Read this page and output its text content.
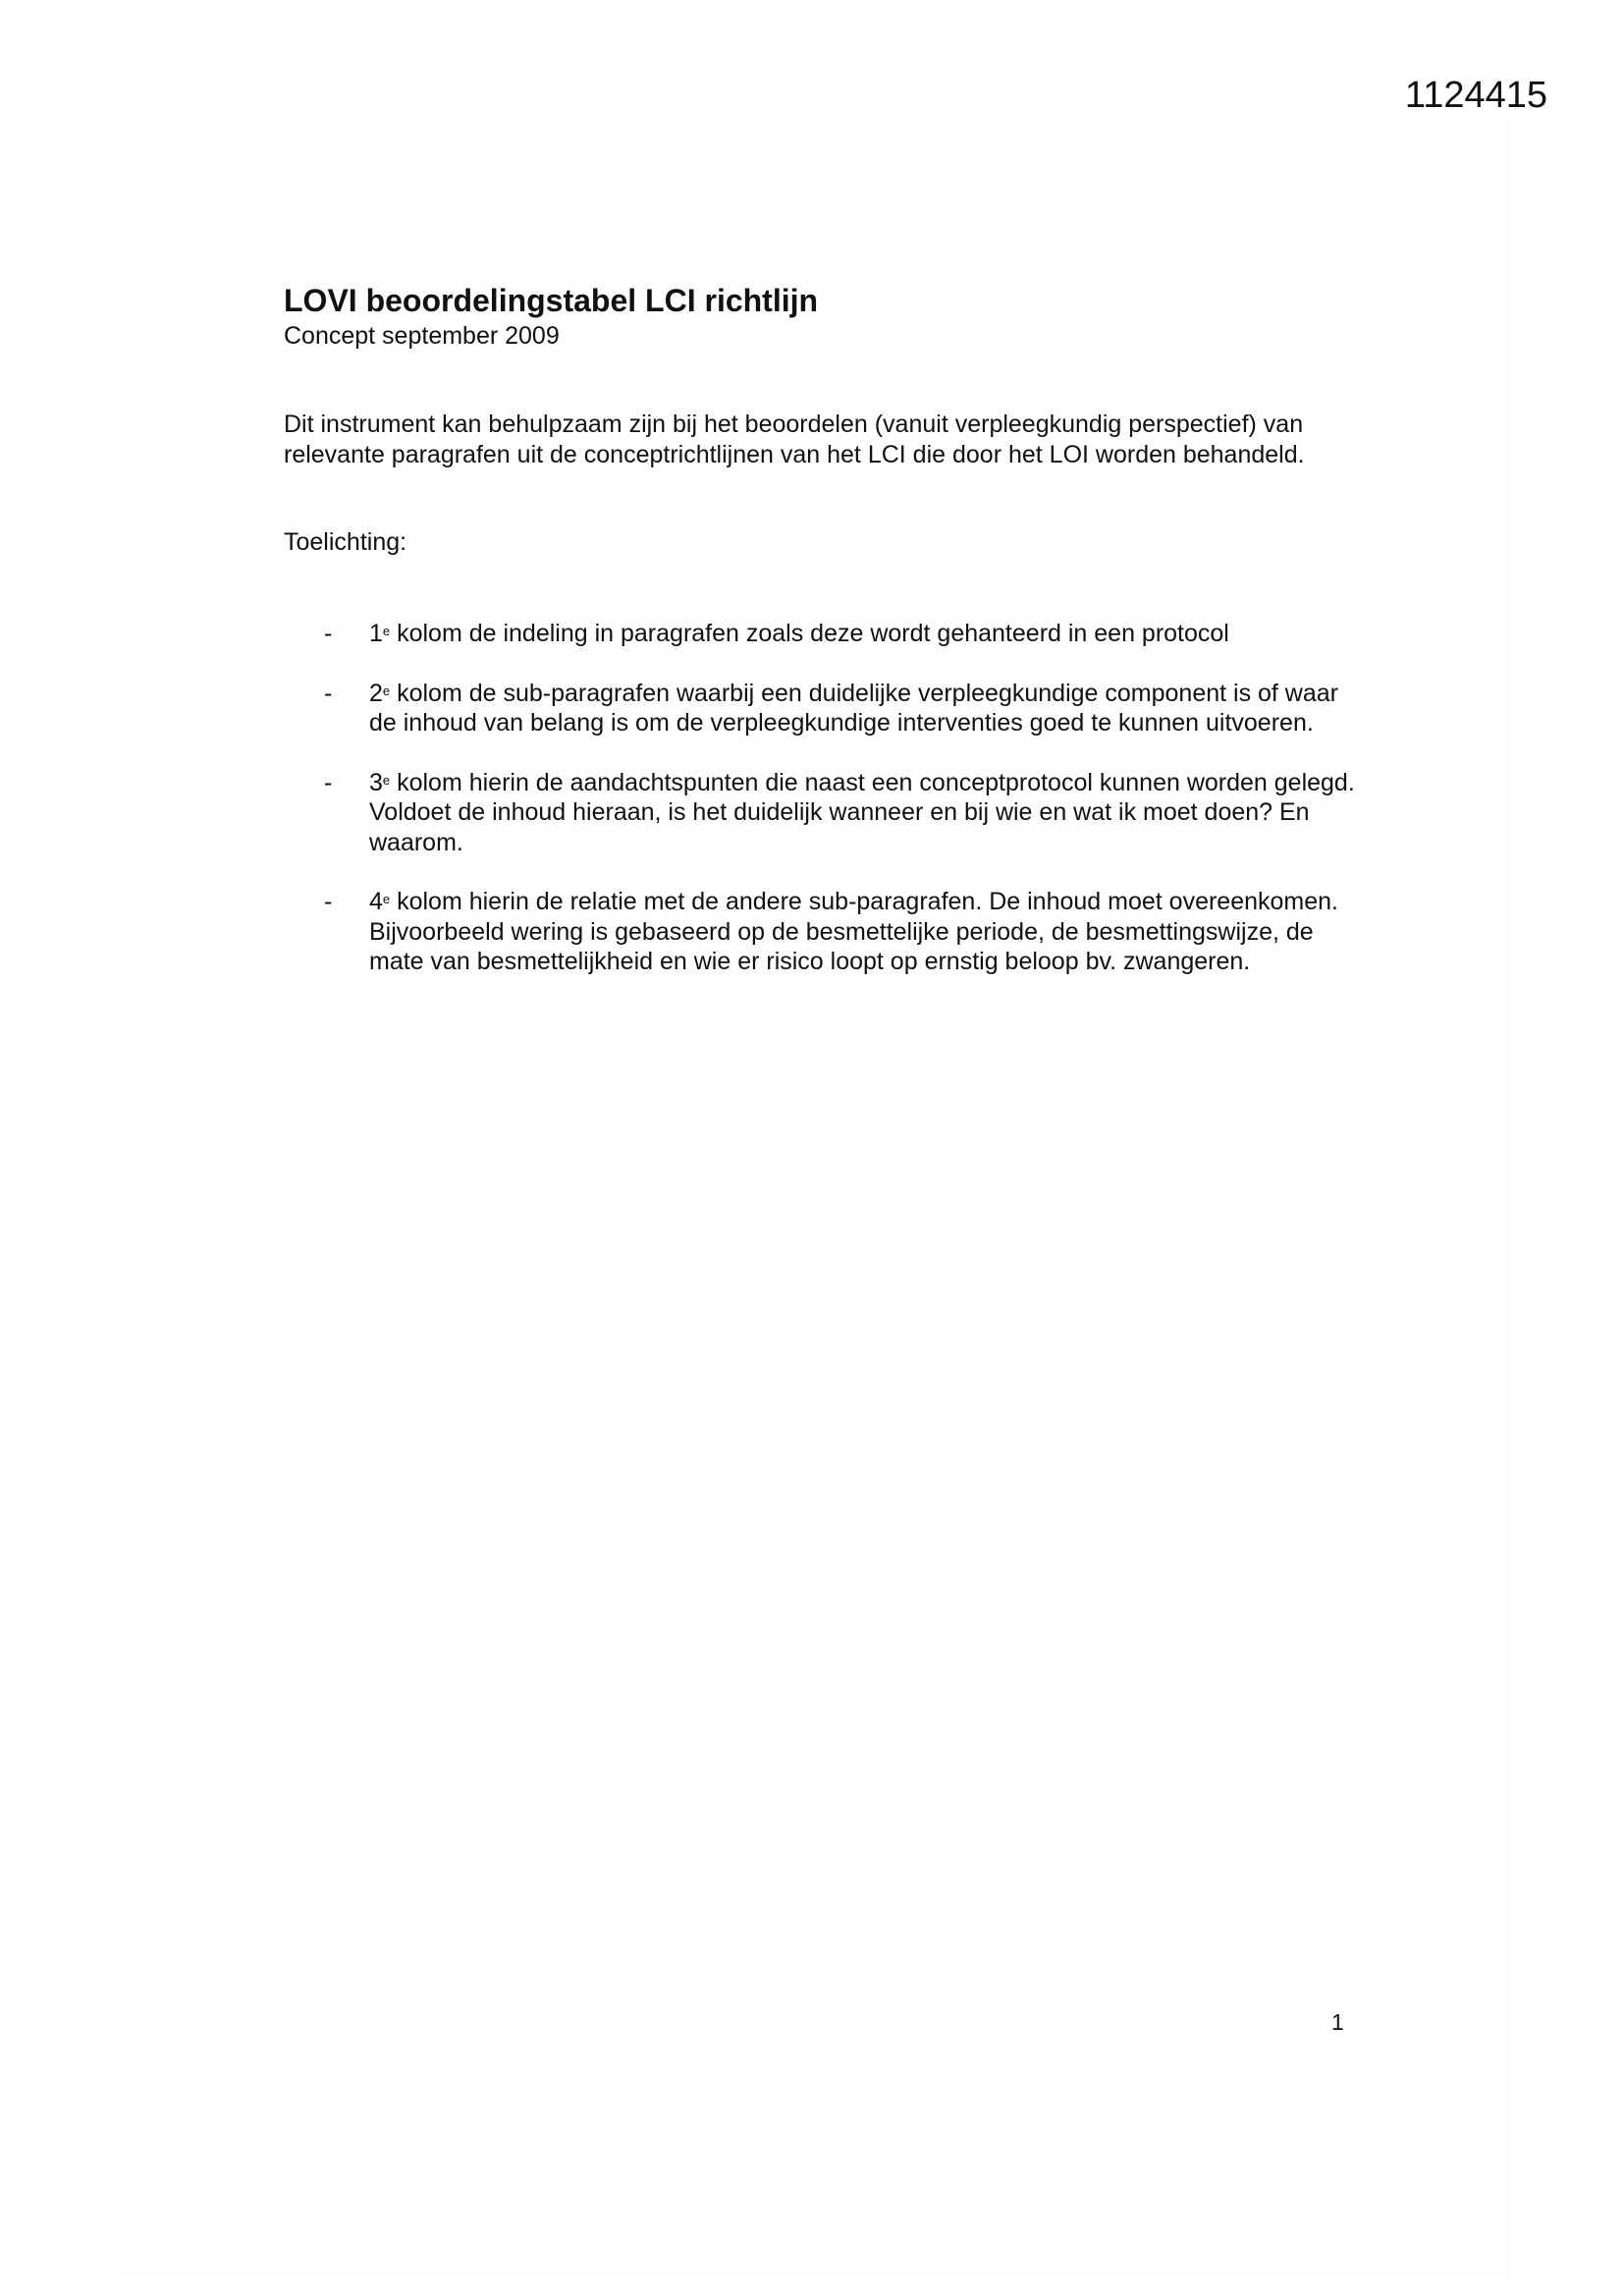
1124415
LOVI beoordelingstabel LCI richtlijn
Concept september 2009

Dit instrument kan behulpzaam zijn bij het beoordelen (vanuit verpleegkundig perspectief) van relevante paragrafen uit de conceptrichtlijnen van het LCI die door het LOI worden behandeld.

Toelichting:
- 1e kolom de indeling in paragrafen zoals deze wordt gehanteerd in een protocol
- 2e kolom de sub-paragrafen waarbij een duidelijke verpleegkundige component is of waar de inhoud van belang is om de verpleegkundige interventies goed te kunnen uitvoeren.
- 3e kolom hierin de aandachtspunten die naast een conceptprotocol kunnen worden gelegd. Voldoet de inhoud hieraan, is het duidelijk wanneer en bij wie en wat ik moet doen? En waarom.
- 4e kolom hierin de relatie met de andere sub-paragrafen. De inhoud moet overeenkomen. Bijvoorbeeld wering is gebaseerd op de besmettelijke periode, de besmettingswijze, de mate van besmettelijkheid en wie er risico loopt op ernstig beloop bv. zwangeren.
1
